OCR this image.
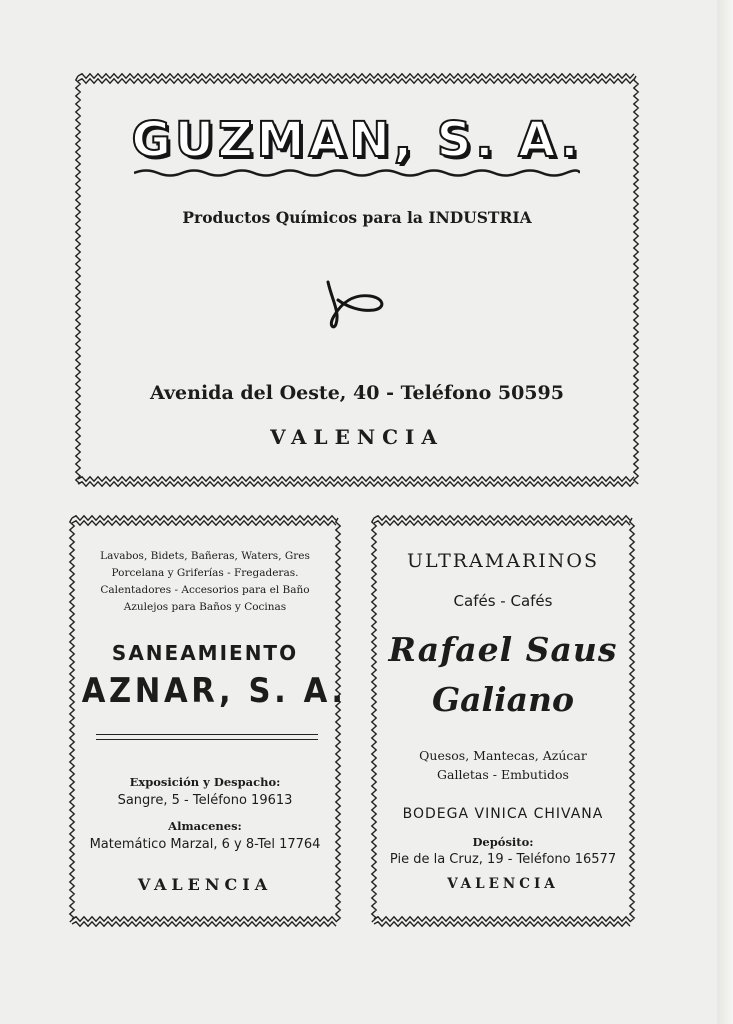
GUZMAN, S. A.
Productos Químicos para la INDUSTRIA
Avenida del Oeste, 40 - Teléfono 50595
VALENCIA
Lavabos, Bidets, Bañeras, Waters, Gres
Porcelana y Griferías - Fregaderas.
Calentadores - Accesorios para el Baño
Azulejos para Baños y Cocinas
SANEAMIENTO
AZNAR, S. A.
Exposición y Despacho:
Sangre, 5 - Teléfono 19613
Almacenes:
Matemático Marzal, 6 y 8-Tel 17764
VALENCIA
ULTRAMARINOS
Cafés - Cafés
Rafael Saus
Galiano
Quesos, Mantecas, Azúcar
Galletas - Embutidos
BODEGA VINICA CHIVANA
Depósito:
Pie de la Cruz, 19 - Teléfono 16577
VALENCIA
